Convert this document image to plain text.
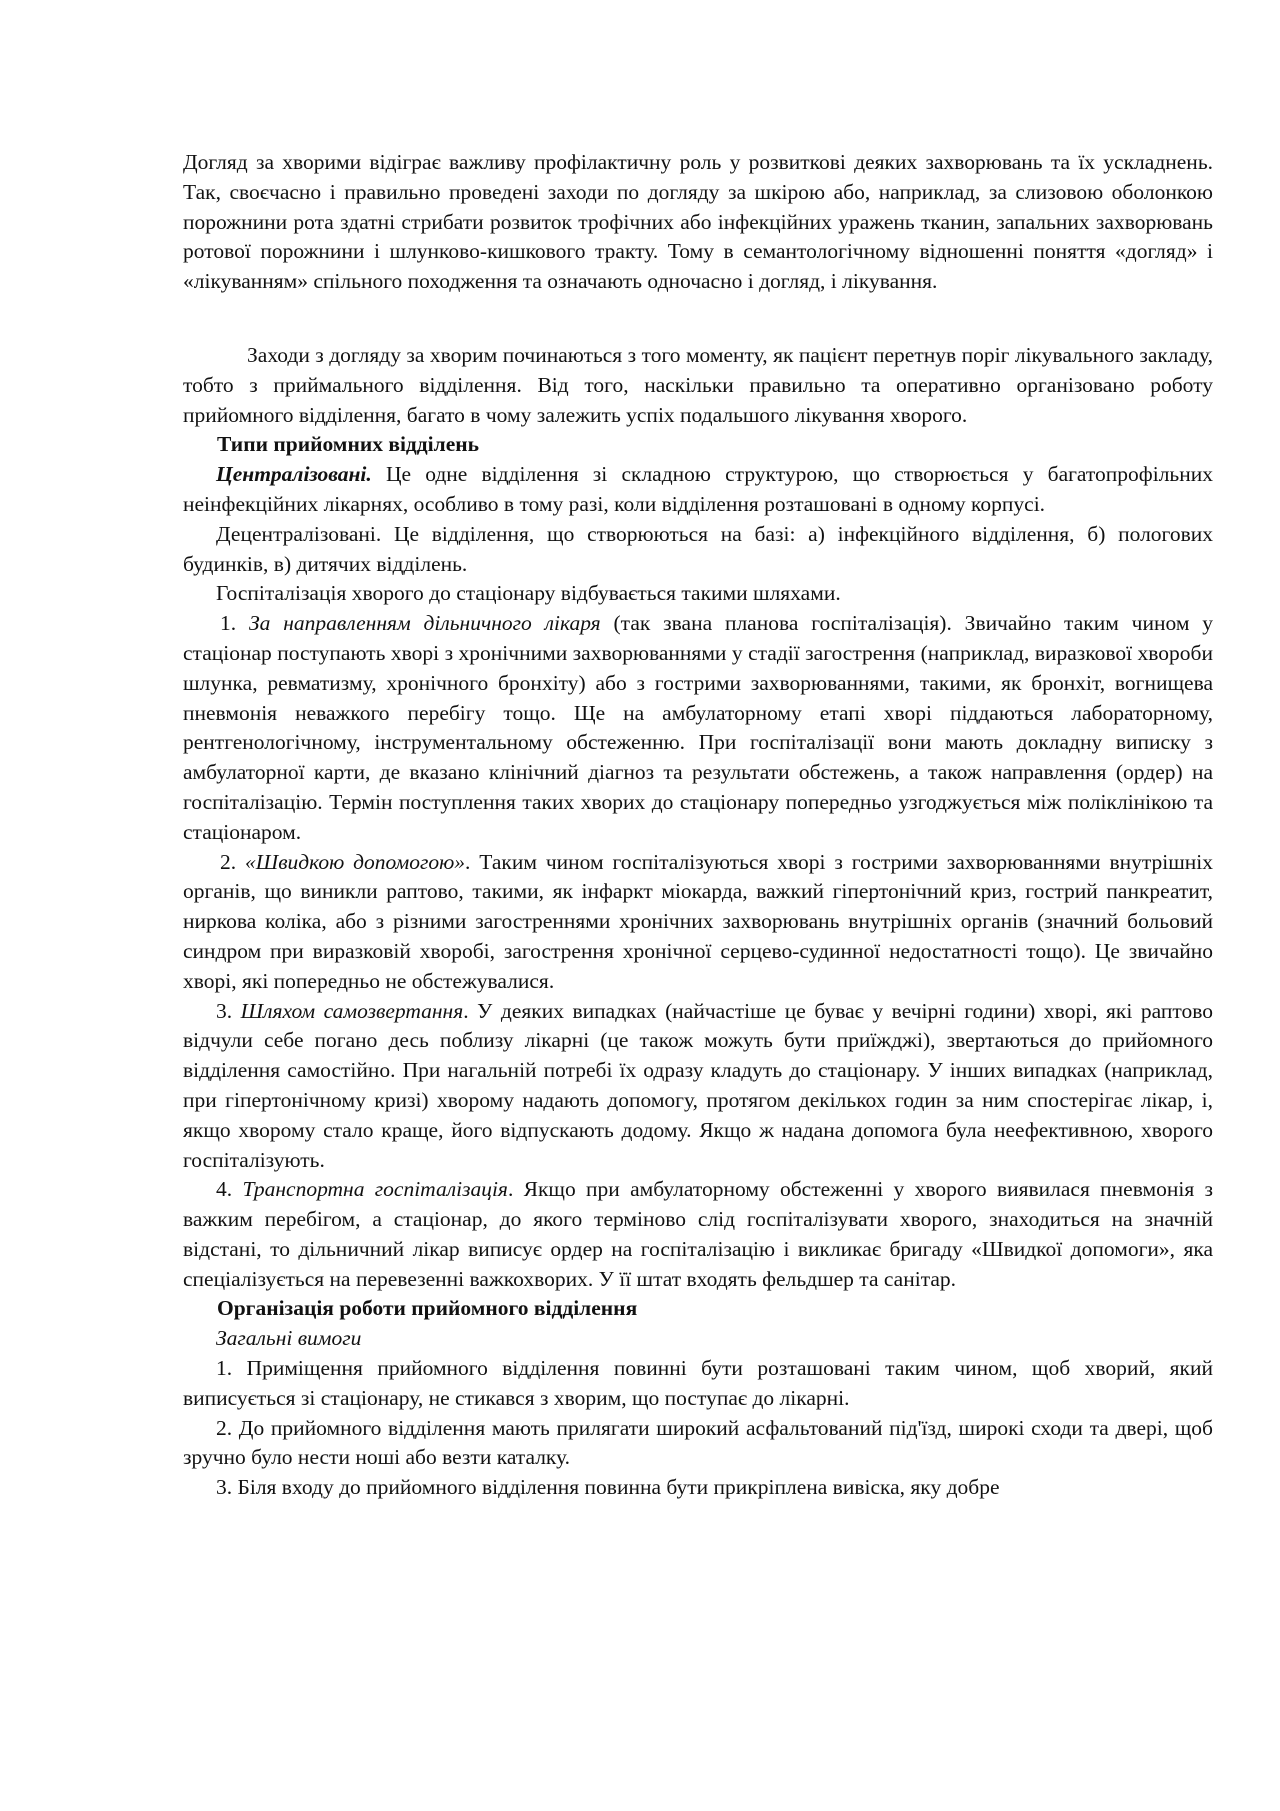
Догляд за хворими відіграє важливу профілактичну роль у розвиткові деяких захворювань та їх ускладнень. Так, своєчасно і правильно проведені заходи по догляду за шкірою або, наприклад, за слизовою оболонкою порожнини рота здатні стрибати розвиток трофічних або інфекційних уражень тканин, запальних захворювань ротової порожнини і шлунково-кишкового тракту. Тому в семантологічному відношенні поняття «догляд» і «лікуванням» спільного походження та означають одночасно і догляд, і лікування.

Заходи з догляду за хворим починаються з того моменту, як пацієнт перетнув поріг лікувального закладу, тобто з приймального відділення. Від того, наскільки правильно та оперативно організовано роботу прийомного відділення, багато в чому залежить успіх подальшого лікування хворого.

Типи прийомних відділень

Централізовані. Це одне відділення зі складною структурою, що створюється у багатопрофільних неінфекційних лікарнях, особливо в тому разі, коли відділення розташовані в одному корпусі.

Децентралізовані. Це відділення, що створюються на базі: а) інфекційного відділення, б) пологових будинків, в) дитячих відділень.

Госпіталізація хворого до стаціонару відбувається такими шляхами.

1. За направленням дільничного лікаря (так звана планова госпіталізація). Звичайно таким чином у стаціонар поступають хворі з хронічними захворюваннями у стадії загострення (наприклад, виразкової хвороби шлунка, ревматизму, хронічного бронхіту) або з гострими захворюваннями, такими, як бронхіт, вогнищева пневмонія неважкого перебігу тощо. Ще на амбулаторному етапі хворі піддаються лабораторному, рентгенологічному, інструментальному обстеженню. При госпіталізації вони мають докладну виписку з амбулаторної карти, де вказано клінічний діагноз та результати обстежень, а також направлення (ордер) на госпіталізацію. Термін поступлення таких хворих до стаціонару попередньо узгоджується між поліклінікою та стаціонаром.

2. «Швидкою допомогою». Таким чином госпіталізуються хворі з гострими захворюваннями внутрішніх органів, що виникли раптово, такими, як інфаркт міокарда, важкий гіпертонічний криз, гострий панкреатит, ниркова коліка, або з різними загостреннями хронічних захворювань внутрішніх органів (значний больовий синдром при виразковій хворобі, загострення хронічної серцево-судинної недостатності тощо). Це звичайно хворі, які попередньо не обстежувалися.

3. Шляхом самозвертання. У деяких випадках (найчастіше це буває у вечірні години) хворі, які раптово відчули себе погано десь поблизу лікарні (це також можуть бути приїжджі), звертаються до прийомного відділення самостійно. При нагальній потребі їх одразу кладуть до стаціонару. У інших випадках (наприклад, при гіпертонічному кризі) хворому надають допомогу, протягом декількох годин за ним спостерігає лікар, і, якщо хворому стало краще, його відпускають додому. Якщо ж надана допомога була неефективною, хворого госпіталізують.

4. Транспортна госпіталізація. Якщо при амбулаторному обстеженні у хворого виявилася пневмонія з важким перебігом, а стаціонар, до якого терміново слід госпіталізувати хворого, знаходиться на значній відстані, то дільничний лікар виписує ордер на госпіталізацію і викликає бригаду «Швидкої допомоги», яка спеціалізується на перевезенні важкохворих. У її штат входять фельдшер та санітар.

Організація роботи прийомного відділення

Загальні вимоги

1. Приміщення прийомного відділення повинні бути розташовані таким чином, щоб хворий, який виписується зі стаціонару, не стикався з хворим, що поступає до лікарні.

2. До прийомного відділення мають прилягати широкий асфальтований під'їзд, широкі сходи та двері, щоб зручно було нести ноші або везти каталку.

3. Біля входу до прийомного відділення повинна бути прикріплена вивіска, яку добре
